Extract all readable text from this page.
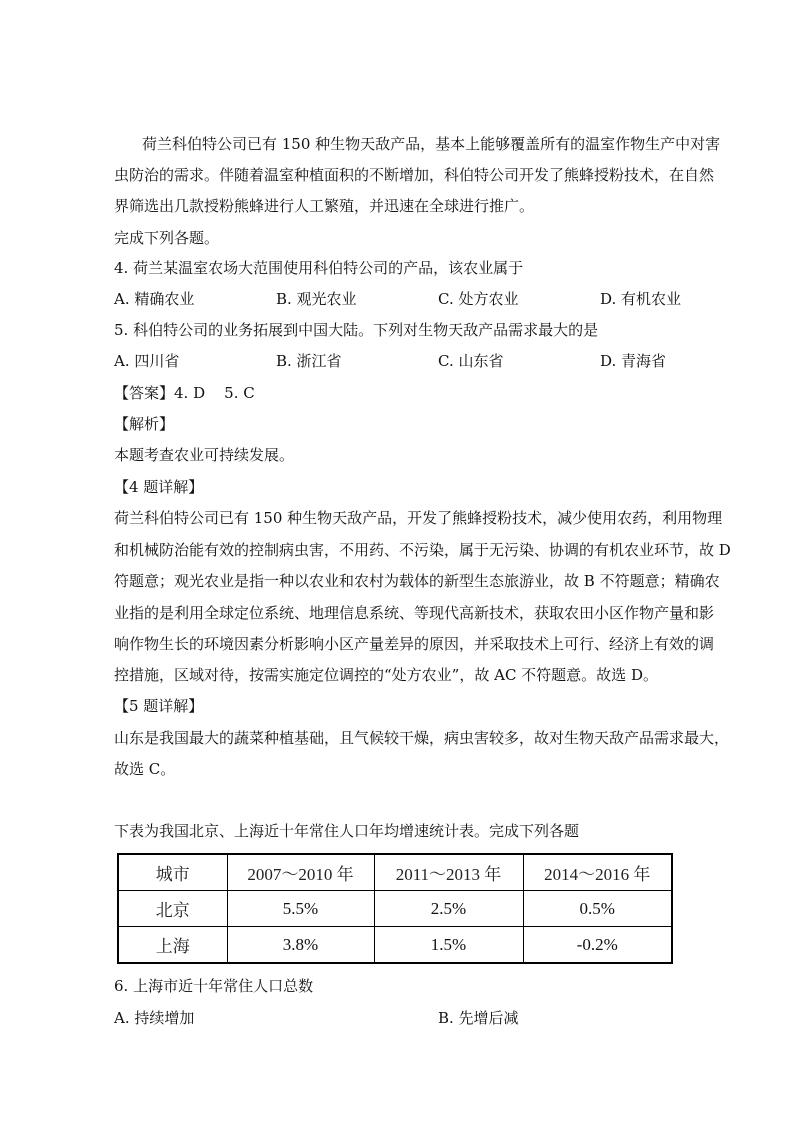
荷兰科伯特公司已有 150 种生物天敌产品，基本上能够覆盖所有的温室作物生产中对害
虫防治的需求。伴随着温室种植面积的不断增加，科伯特公司开发了熊蜂授粉技术，在自然
界筛选出几款授粉熊蜂进行人工繁殖，并迅速在全球进行推广。
完成下列各题。
4. 荷兰某温室农场大范围使用科伯特公司的产品，该农业属于
A. 精确农业	B. 观光农业	C. 处方农业	D. 有机农业
5. 科伯特公司的业务拓展到中国大陆。下列对生物天敌产品需求最大的是
A. 四川省	B. 浙江省	C. 山东省	D. 青海省
【答案】4. D    5. C
【解析】
本题考查农业可持续发展。
【4 题详解】
荷兰科伯特公司已有 150 种生物天敌产品，开发了熊蜂授粉技术，减少使用农药，利用物理
和机械防治能有效的控制病虫害，不用药、不污染，属于无污染、协调的有机农业环节，故 D
符题意；观光农业是指一种以农业和农村为载体的新型生态旅游业，故 B 不符题意；精确农
业指的是利用全球定位系统、地理信息系统、等现代高新技术，获取农田小区作物产量和影
响作物生长的环境因素分析影响小区产量差异的原因，并采取技术上可行、经济上有效的调
控措施，区域对待，按需实施定位调控的“处方农业”，故 AC 不符题意。故选 D。
【5 题详解】
山东是我国最大的蔬菜种植基础，且气候较干燥，病虫害较多，故对生物天敌产品需求最大，
故选 C。
下表为我国北京、上海近十年常住人口年均增速统计表。完成下列各题
城市	2007～2010 年	2011～2013 年	2014～2016 年
北京	5.5%	2.5%	0.5%
上海	3.8%	1.5%	-0.2%
6. 上海市近十年常住人口总数
A. 持续增加	B. 先增后减
